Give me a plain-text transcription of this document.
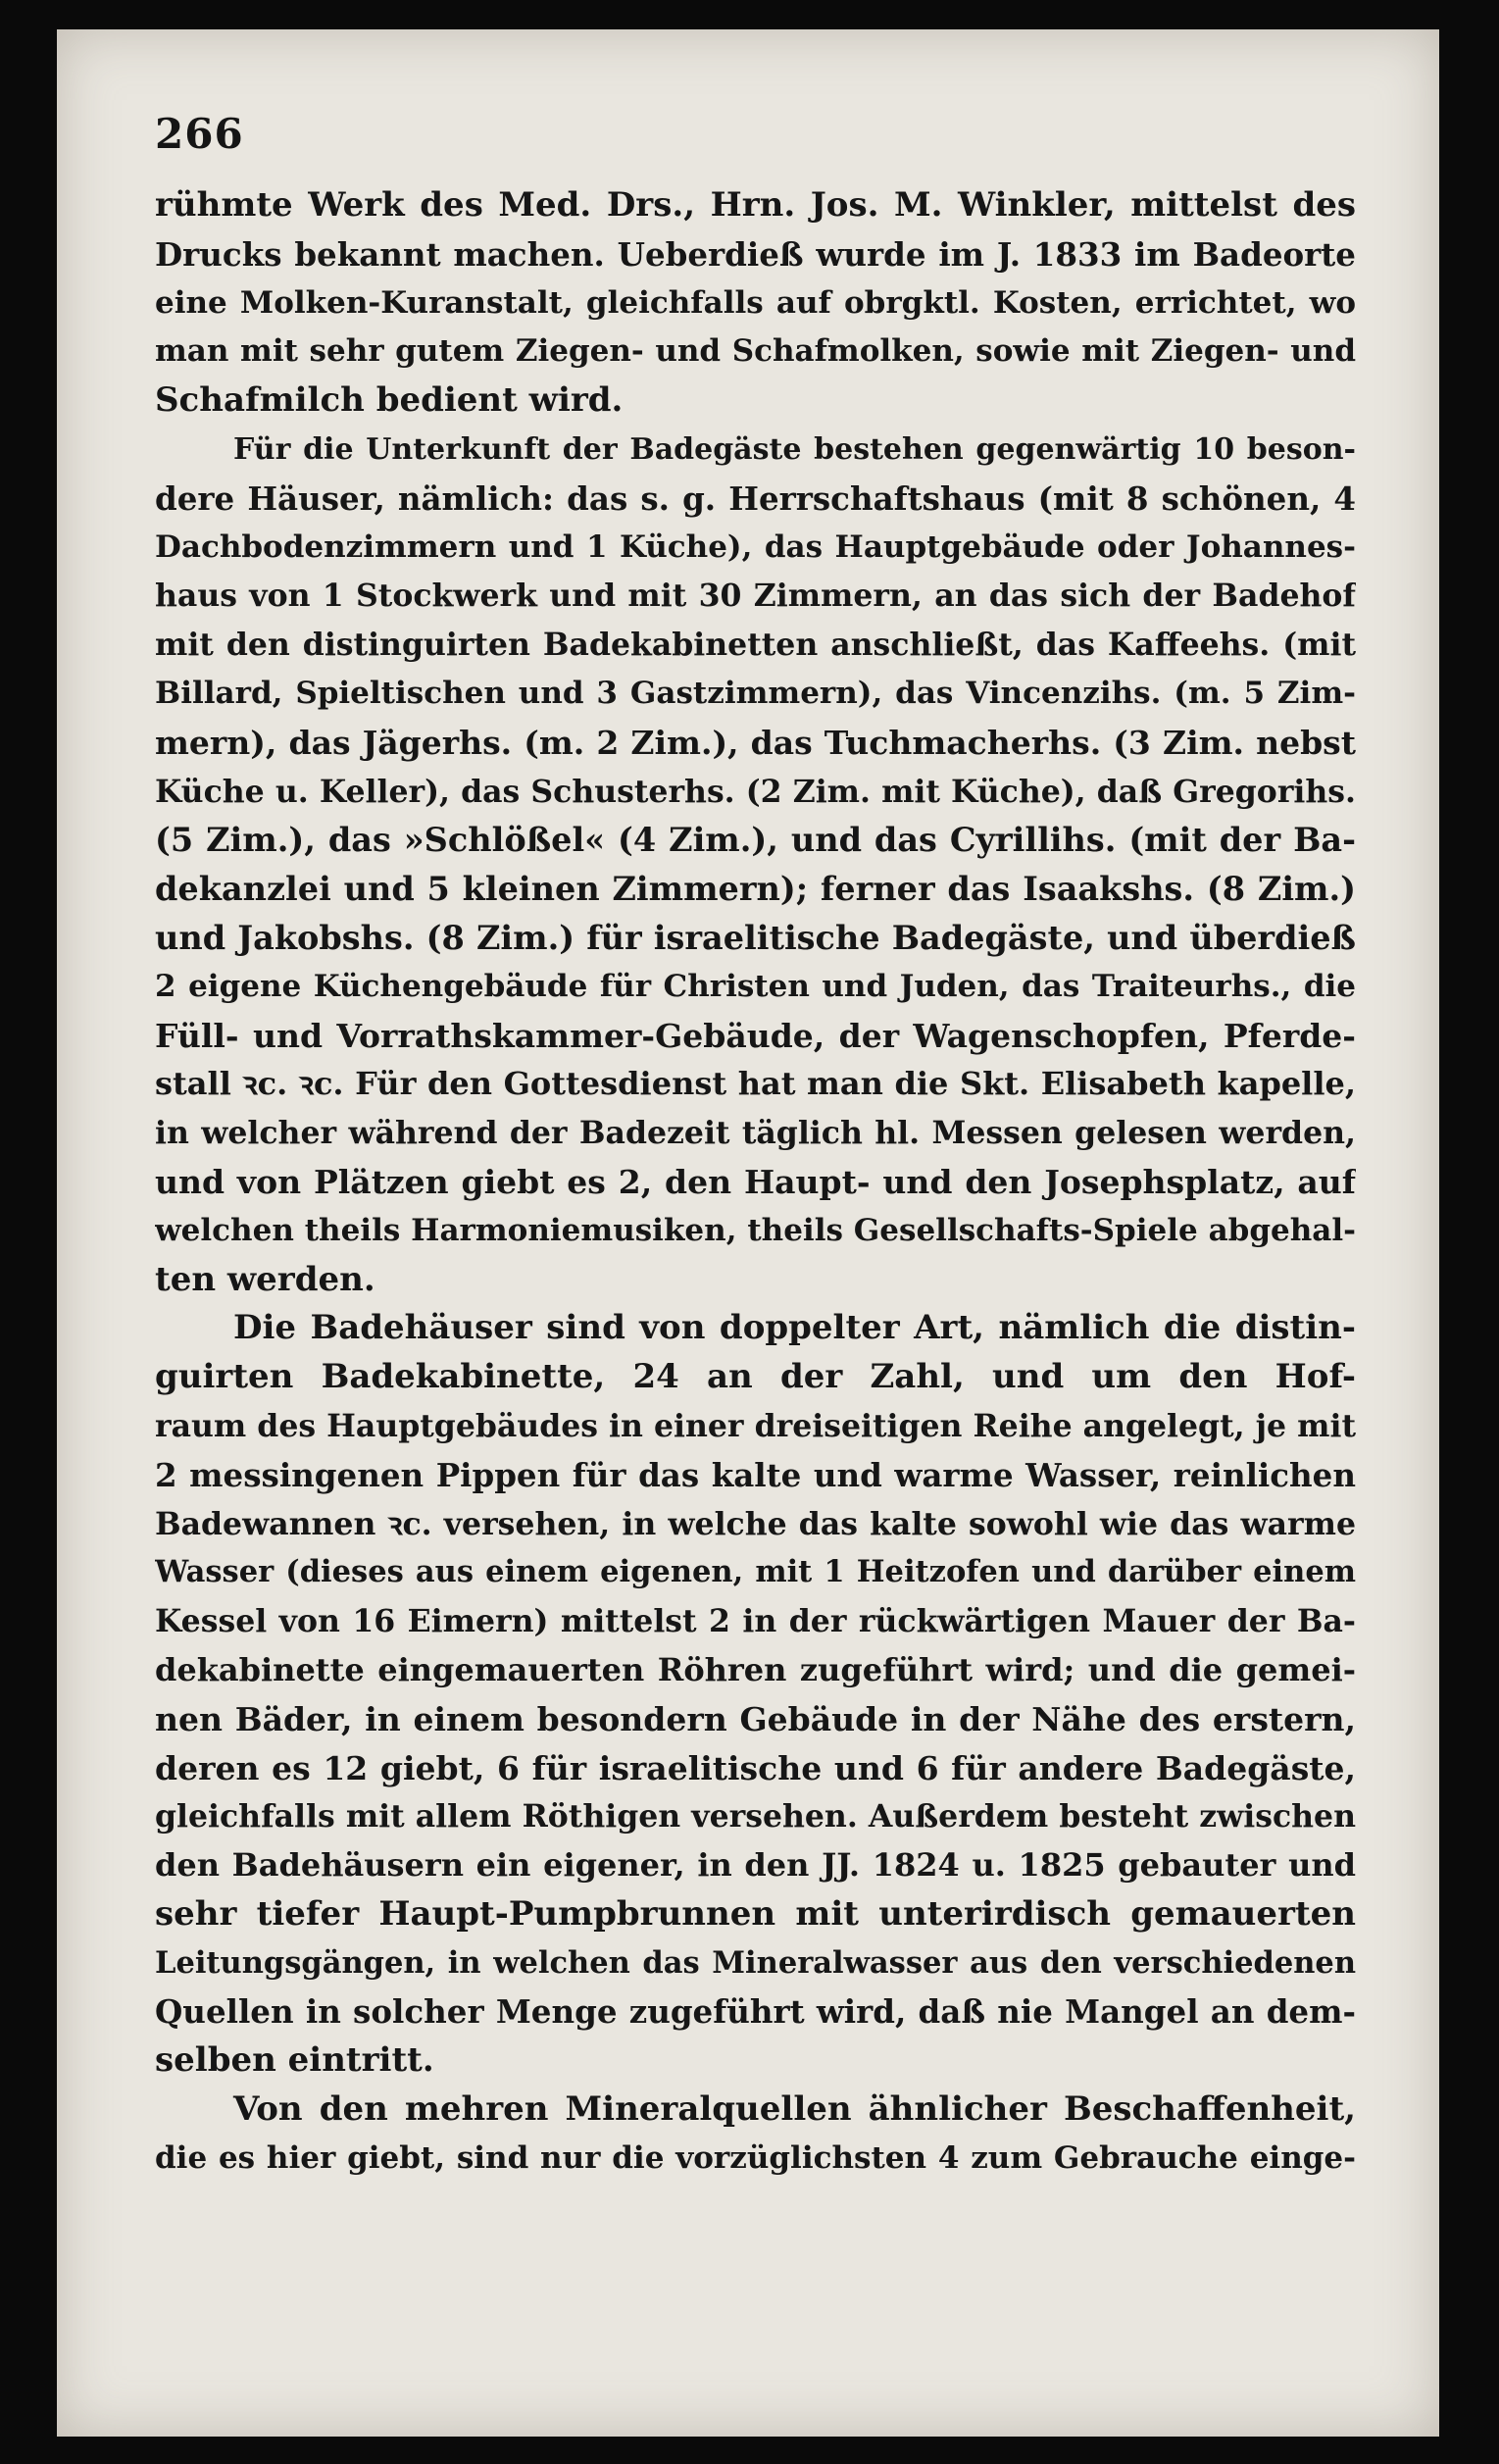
266
rühmte Werk des Med. Drs., Hrn. Jos. M. Winkler, mittelst des
Drucks bekannt machen. Ueberdieß wurde im J. 1833 im Badeorte
eine Molken-Kuranstalt, gleichfalls auf obrgktl. Kosten, errichtet, wo
man mit sehr gutem Ziegen- und Schafmolken, sowie mit Ziegen- und
Schafmilch bedient wird.
Für die Unterkunft der Badegäste bestehen gegenwärtig 10 beson-
dere Häuser, nämlich: das s. g. Herrschaftshaus (mit 8 schönen, 4
Dachbodenzimmern und 1 Küche), das Hauptgebäude oder Johannes-
haus von 1 Stockwerk und mit 30 Zimmern, an das sich der Badehof
mit den distinguirten Badekabinetten anschließt, das Kaffeehs. (mit
Billard, Spieltischen und 3 Gastzimmern), das Vincenzihs. (m. 5 Zim-
mern), das Jägerhs. (m. 2 Zim.), das Tuchmacherhs. (3 Zim. nebst
Küche u. Keller), das Schusterhs. (2 Zim. mit Küche), daß Gregorihs.
(5 Zim.), das »Schlößel« (4 Zim.), und das Cyrillihs. (mit der Ba-
dekanzlei und 5 kleinen Zimmern); ferner das Isaakshs. (8 Zim.)
und Jakobshs. (8 Zim.) für israelitische Badegäste, und überdieß
2 eigene Küchengebäude für Christen und Juden, das Traiteurhs., die
Füll- und Vorrathskammer-Gebäude, der Wagenschopfen, Pferde-
stall ꝛc. ꝛc. Für den Gottesdienst hat man die Skt. Elisabeth kapelle,
in welcher während der Badezeit täglich hl. Messen gelesen werden,
und von Plätzen giebt es 2, den Haupt- und den Josephsplatz, auf
welchen theils Harmoniemusiken, theils Gesellschafts-Spiele abgehal-
ten werden.
Die Badehäuser sind von doppelter Art, nämlich die distin-
guirten Badekabinette, 24 an der Zahl, und um den Hof-
raum des Hauptgebäudes in einer dreiseitigen Reihe angelegt, je mit
2 messingenen Pippen für das kalte und warme Wasser, reinlichen
Badewannen ꝛc. versehen, in welche das kalte sowohl wie das warme
Wasser (dieses aus einem eigenen, mit 1 Heitzofen und darüber einem
Kessel von 16 Eimern) mittelst 2 in der rückwärtigen Mauer der Ba-
dekabinette eingemauerten Röhren zugeführt wird; und die gemei-
nen Bäder, in einem besondern Gebäude in der Nähe des erstern,
deren es 12 giebt, 6 für israelitische und 6 für andere Badegäste,
gleichfalls mit allem Röthigen versehen. Außerdem besteht zwischen
den Badehäusern ein eigener, in den JJ. 1824 u. 1825 gebauter und
sehr tiefer Haupt-Pumpbrunnen mit unterirdisch gemauerten
Leitungsgängen, in welchen das Mineralwasser aus den verschiedenen
Quellen in solcher Menge zugeführt wird, daß nie Mangel an dem-
selben eintritt.
Von den mehren Mineralquellen ähnlicher Beschaffenheit,
die es hier giebt, sind nur die vorzüglichsten 4 zum Gebrauche einge-
